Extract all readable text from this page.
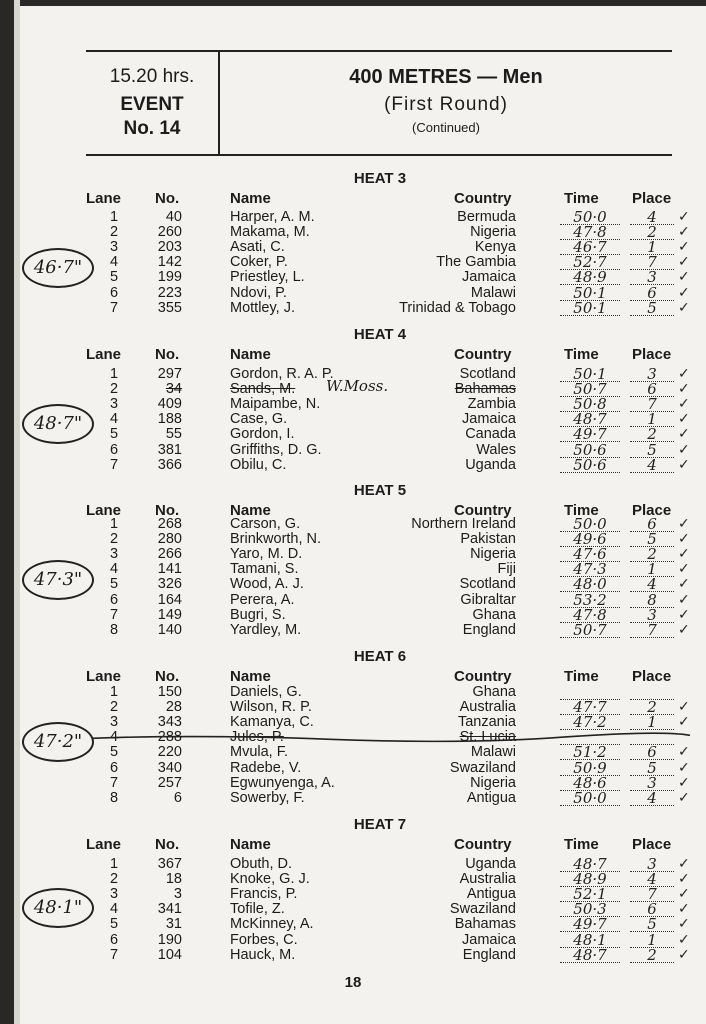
15.20 hrs.
EVENT
No. 14
400 METRES — Men
(First Round)
(Continued)
HEAT 3
Lane No.	Name	Country	Time Place
1	40	Harper, A. M.	Bermuda	50·0	4	✓
2	260	Makama, M.	Nigeria	47·8	2	✓
3	203	Asati, C.	Kenya	46·7	1	✓
4	142	Coker, P.	The Gambia	52·7	7	✓
5	199	Priestley, L.	Jamaica	48·9	3	✓
6	223	Ndovi, P.	Malawi	50·1	6	✓
7	355	Mottley, J.	Trinidad & Tobago	50·1	5	✓
46·7"
HEAT 4
Lane No.	Name	Country	Time Place
1	297	Gordon, R. A. P.	Scotland	50·1	3	✓
2	34	Sands, M.	Bahamas	50·7	6	✓
W.Moss.
3	409	Maipambe, N.	Zambia	50·8	7	✓
4	188	Case, G.	Jamaica	48·7	1	✓
5	55	Gordon, I.	Canada	49·7	2	✓
6	381	Griffiths, D. G.	Wales	50·6	5	✓
7	366	Obilu, C.	Uganda	50·6	4	✓
48·7"
HEAT 5
Lane No.	Name	Country	Time Place
1	268	Carson, G.	Northern Ireland	50·0	6	✓
2	280	Brinkworth, N.	Pakistan	49·6	5	✓
3	266	Yaro, M. D.	Nigeria	47·6	2	✓
4	141	Tamani, S.	Fiji	47·3	1	✓
5	326	Wood, A. J.	Scotland	48·0	4	✓
6	164	Perera, A.	Gibraltar	53·2	8	✓
7	149	Bugri, S.	Ghana	47·8	3	✓
8	140	Yardley, M.	England	50·7	7	✓
47·3"
HEAT 6
Lane No.	Name	Country	Time Place
1	150	Daniels, G.	Ghana
2	28	Wilson, R. P.	Australia	47·7	2	✓
3	343	Kamanya, C.	Tanzania	47·2	1	✓
4	288	Jules, P.	St. Lucia
5	220	Mvula, F.	Malawi	51·2	6	✓
6	340	Radebe, V.	Swaziland	50·9	5	✓
7	257	Egwunyenga, A.	Nigeria	48·6	3	✓
8	6	Sowerby, F.	Antigua	50·0	4	✓
47·2"
HEAT 7
Lane No.	Name	Country	Time Place
1	367	Obuth, D.	Uganda	48·7	3	✓
2	18	Knoke, G. J.	Australia	48·9	4	✓
3	3	Francis, P.	Antigua	52·1	7	✓
4	341	Tofile, Z.	Swaziland	50·3	6	✓
5	31	McKinney, A.	Bahamas	49·7	5	✓
6	190	Forbes, C.	Jamaica	48·1	1	✓
7	104	Hauck, M.	England	48·7	2	✓
48·1"
18
